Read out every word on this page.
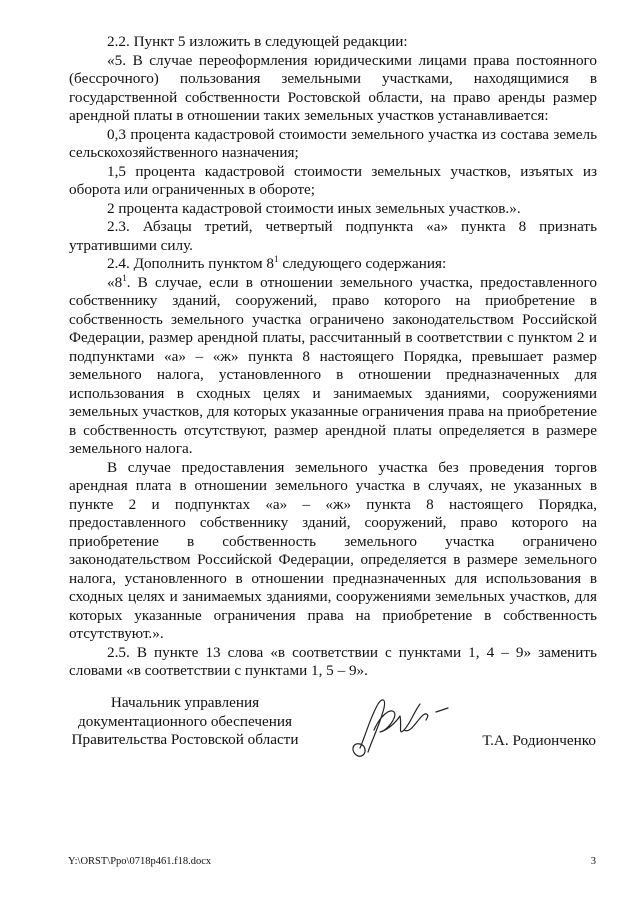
2.2. Пункт 5 изложить в следующей редакции:

«5. В случае переоформления юридическими лицами права постоянного (бессрочного) пользования земельными участками, находящимися в государственной собственности Ростовской области, на право аренды размер арендной платы в отношении таких земельных участков устанавливается:

0,3 процента кадастровой стоимости земельного участка из состава земель сельскохозяйственного назначения;

1,5 процента кадастровой стоимости земельных участков, изъятых из оборота или ограниченных в обороте;

2 процента кадастровой стоимости иных земельных участков.».

2.3. Абзацы третий, четвертый подпункта «а» пункта 8 признать утратившими силу.

2.4. Дополнить пунктом $8^1$ следующего содержания:

«$8^1$. В случае, если в отношении земельного участка, предоставленного собственнику зданий, сооружений, право которого на приобретение в собственность земельного участка ограничено законодательством Российской Федерации, размер арендной платы, рассчитанный в соответствии с пунктом 2 и подпунктами «а» – «ж» пункта 8 настоящего Порядка, превышает размер земельного налога, установленного в отношении предназначенных для использования в сходных целях и занимаемых зданиями, сооружениями земельных участков, для которых указанные ограничения права на приобретение в собственность отсутствуют, размер арендной платы определяется в размере земельного налога.

В случае предоставления земельного участка без проведения торгов арендная плата в отношении земельного участка в случаях, не указанных в пункте 2 и подпунктах «а» – «ж» пункта 8 настоящего Порядка, предоставленного собственнику зданий, сооружений, право которого на приобретение в собственность земельного участка ограничено законодательством Российской Федерации, определяется в размере земельного налога, установленного в отношении предназначенных для использования в сходных целях и занимаемых зданиями, сооружениями земельных участков, для которых указанные ограничения права на приобретение в собственность отсутствуют.».

2.5. В пункте 13 слова «в соответствии с пунктами 1, 4 – 9» заменить словами «в соответствии с пунктами 1, 5 – 9».

Начальник управления
документационного обеспечения
Правительства Ростовской области	Т.А. Родионченко
Y:\ORST\Ppo\0718p461.f18.docx	3
